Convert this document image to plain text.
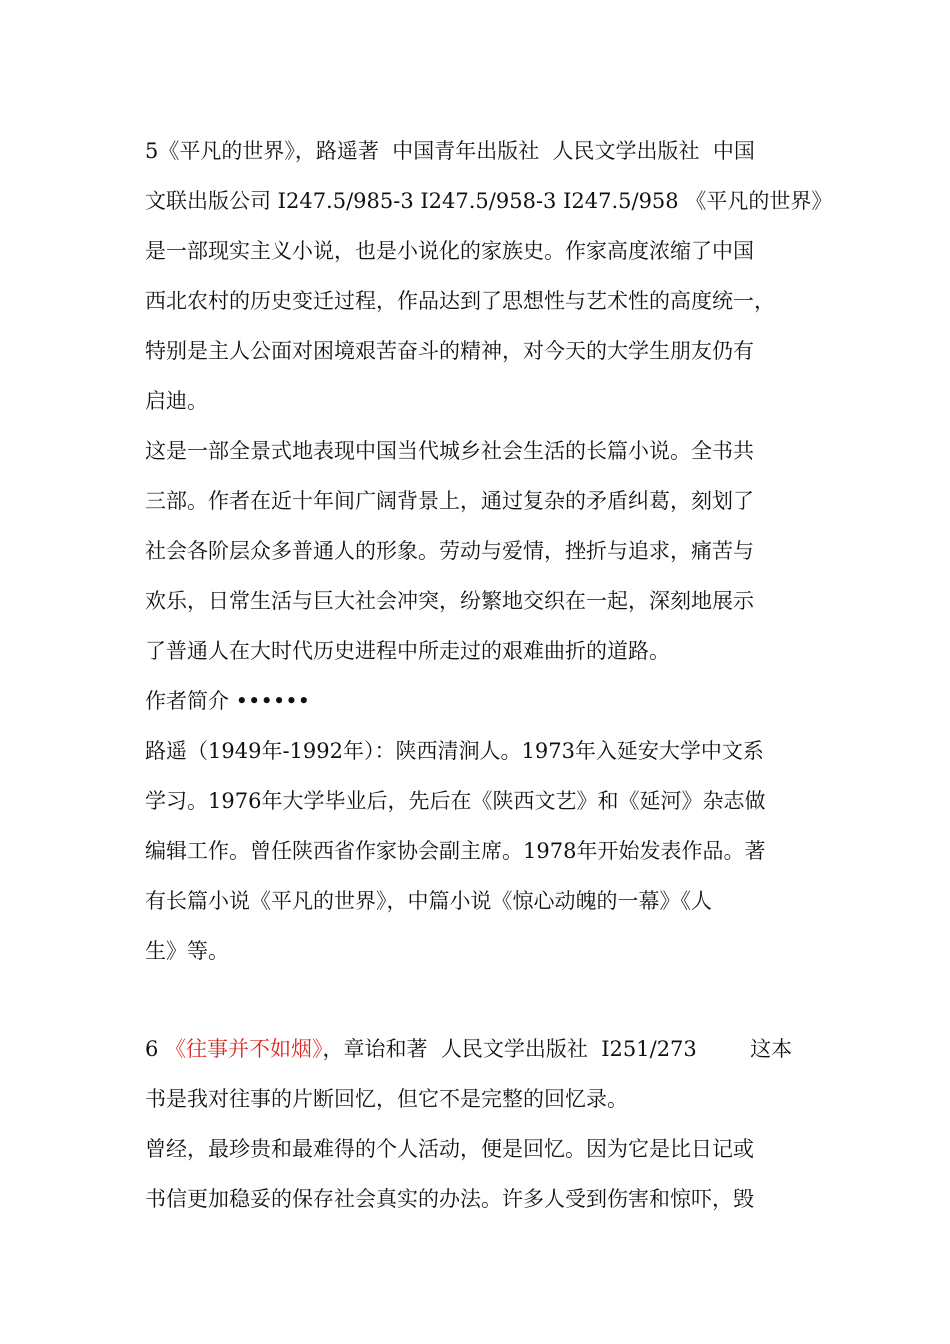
5《平凡的世界》，路遥著  中国青年出版社  人民文学出版社  中国
文联出版公司 I247.5/985-3 I247.5/958-3 I247.5/958 《平凡的世界》
是一部现实主义小说，也是小说化的家族史。作家高度浓缩了中国
西北农村的历史变迁过程，作品达到了思想性与艺术性的高度统一，
特别是主人公面对困境艰苦奋斗的精神，对今天的大学生朋友仍有
启迪。
这是一部全景式地表现中国当代城乡社会生活的长篇小说。全书共
三部。作者在近十年间广阔背景上，通过复杂的矛盾纠葛，刻划了
社会各阶层众多普通人的形象。劳动与爱情，挫折与追求，痛苦与
欢乐，日常生活与巨大社会冲突，纷繁地交织在一起，深刻地展示
了普通人在大时代历史进程中所走过的艰难曲折的道路。
作者简介 ••••••
路遥（1949年-1992年）：陕西清涧人。1973年入延安大学中文系
学习。1976年大学毕业后，先后在《陕西文艺》和《延河》杂志做
编辑工作。曾任陕西省作家协会副主席。1978年开始发表作品。著
有长篇小说《平凡的世界》，中篇小说《惊心动魄的一幕》《人
生》等。
6 《往事并不如烟》，章诒和著  人民文学出版社  I251/273        这本
书是我对往事的片断回忆，但它不是完整的回忆录。
曾经，最珍贵和最难得的个人活动，便是回忆。因为它是比日记或
书信更加稳妥的保存社会真实的办法。许多人受到伤害和惊吓，毁
